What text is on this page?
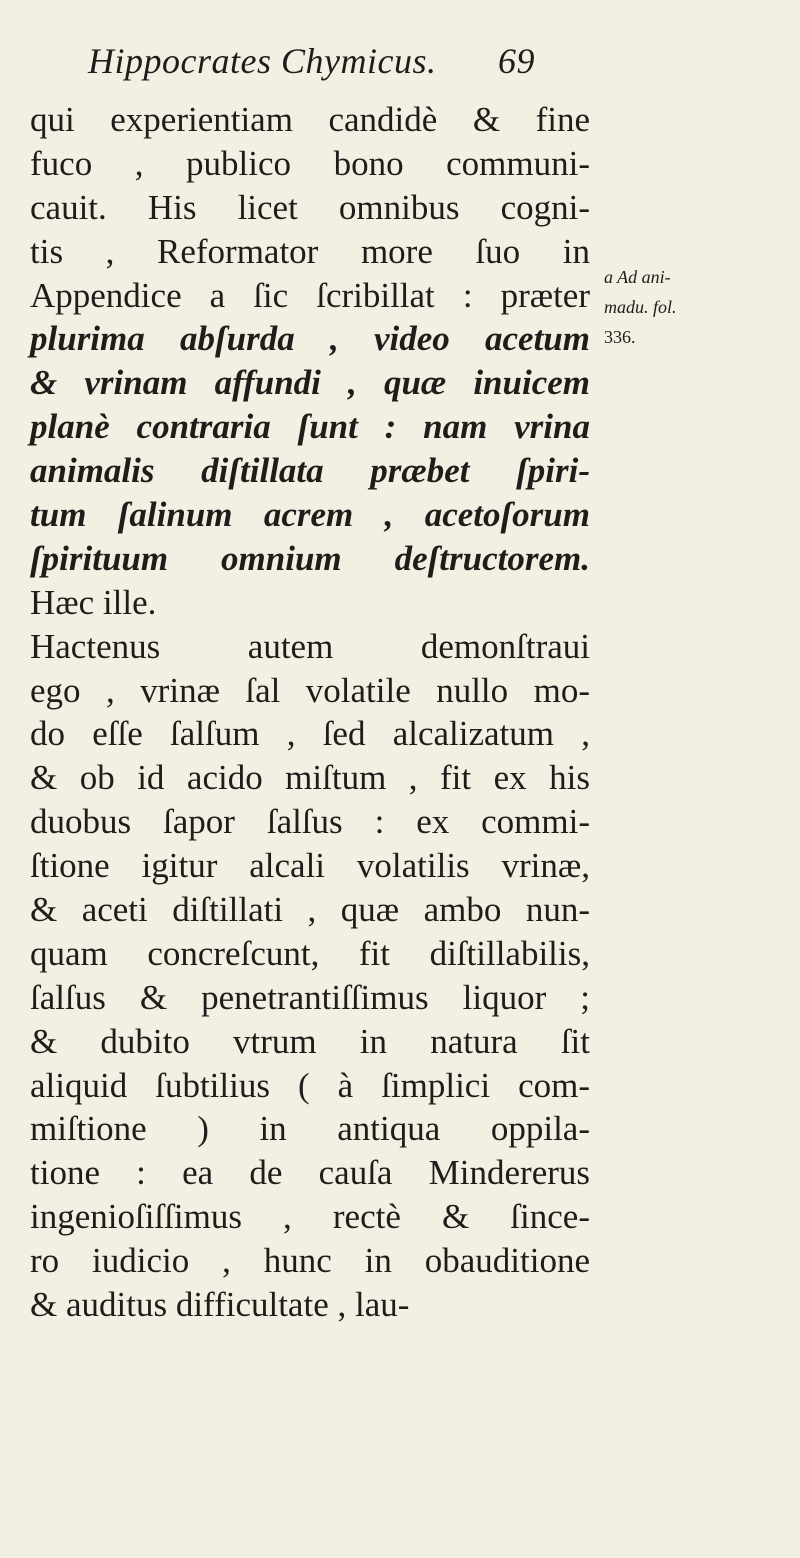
Hippocrates Chymicus. 69
qui experientiam candidè & fine
fuco , publico bono communi-
cauit. His licet omnibus cogni-
tis , Reformator more ſuo in
Appendice a ſic ſcribillat : præter
plurima abſurda , video acetum
& vrinam affundi , quæ inuicem
planè contraria ſunt : nam vrina
animalis diſtillata præbet ſpiri-
tum ſalinum acrem , acetoſorum
ſpirituum omnium deſtructorem.
Hæc ille.
Hactenus autem demonſtraui
ego , vrinæ ſal volatile nullo mo-
do eſſe ſalſum , ſed alcalizatum ,
& ob id acido miſtum , fit ex his
duobus ſapor ſalſus : ex commi-
ſtione igitur alcali volatilis vrinæ,
& aceti diſtillati , quæ ambo nun-
quam concreſcunt, fit diſtillabilis,
ſalſus & penetrantiſſimus liquor ;
& dubito vtrum in natura ſit
aliquid ſubtilius ( à ſimplici com-
miſtione ) in antiqua oppila-
tione : ea de cauſa Mindererus
ingenioſiſſimus , rectè & ſince-
ro iudicio , hunc in obauditione
& auditus difficultate , lau-
a Ad ani-
madu. fol.
336.
